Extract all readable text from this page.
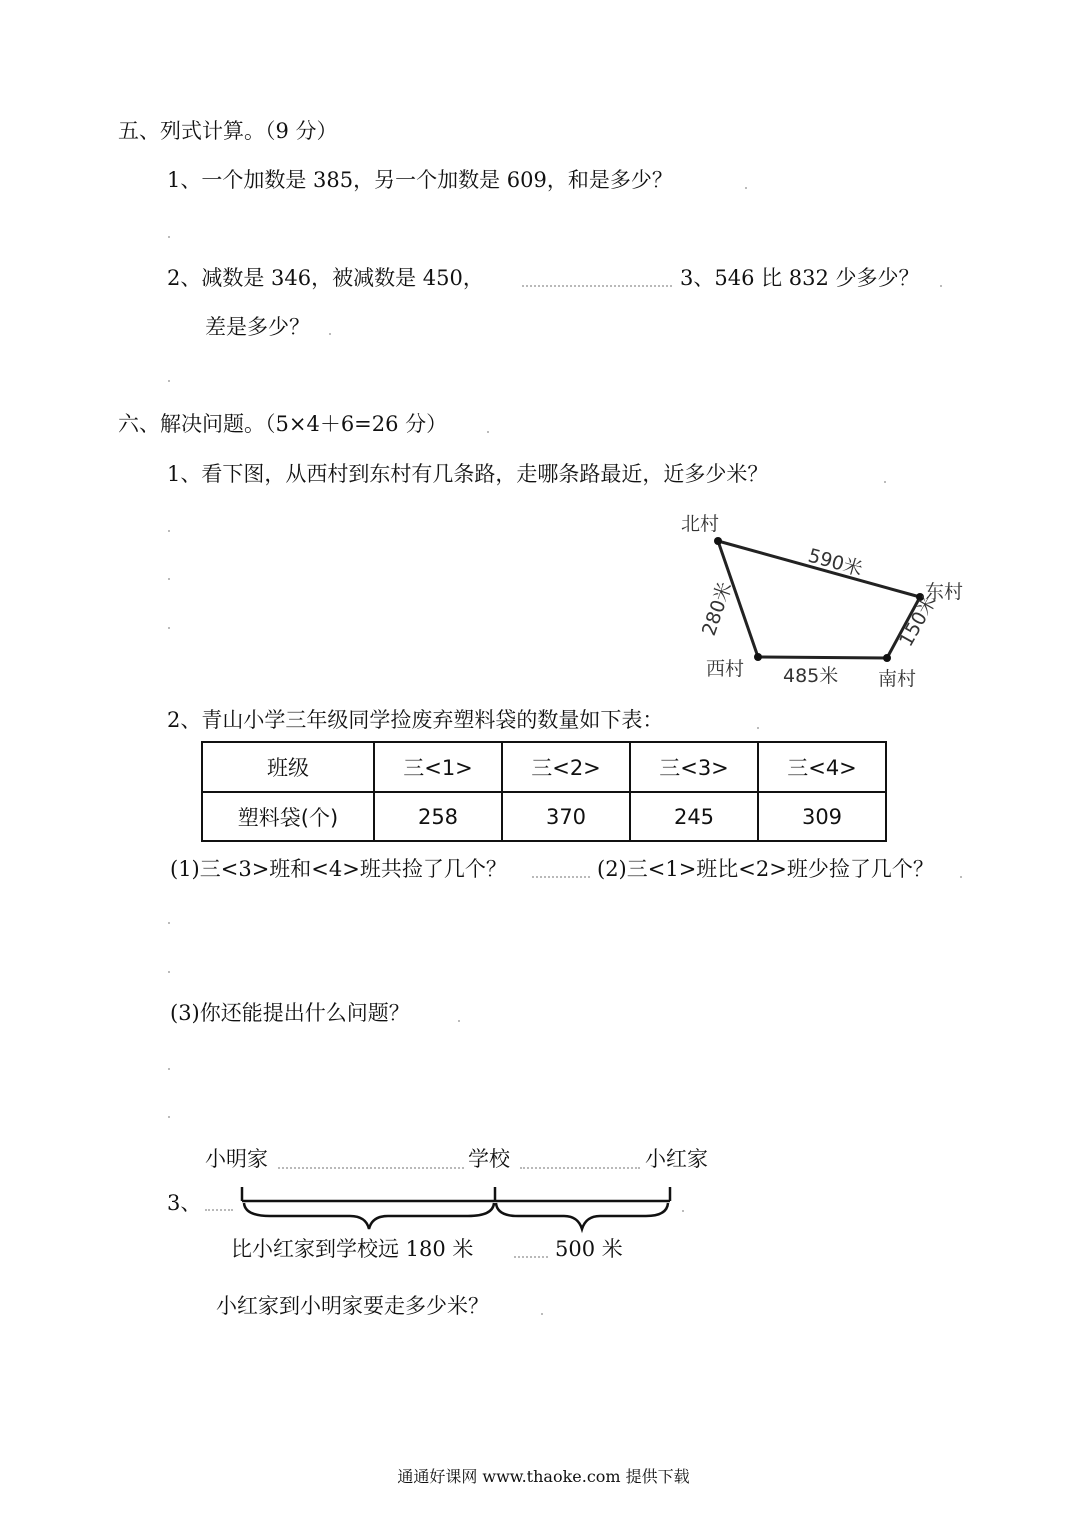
五、列式计算。（9 分）
1、一个加数是 385，另一个加数是 609，和是多少？
2、减数是 346，被减数是 450，	3、546 比 832 少多少？
差是多少？
六、解决问题。（5×4＋6=26 分）
1、看下图，从西村到东村有几条路，走哪条路最近，近多少米？
北村
东村
西村	南村
590米
485米
280米	150米
2、青山小学三年级同学捡废弃塑料袋的数量如下表：
班级	三<1>	三<2>	三<3>	三<4>
塑料袋(个)	258	370	245	309
(1)三<3>班和<4>班共捡了几个？	(2)三<1>班比<2>班少捡了几个？
(3)你还能提出什么问题？
小明家	学校	小红家
3、
比小红家到学校远 180 米	500 米
小红家到小明家要走多少米？
通通好课网 www.thaoke.com 提供下载
